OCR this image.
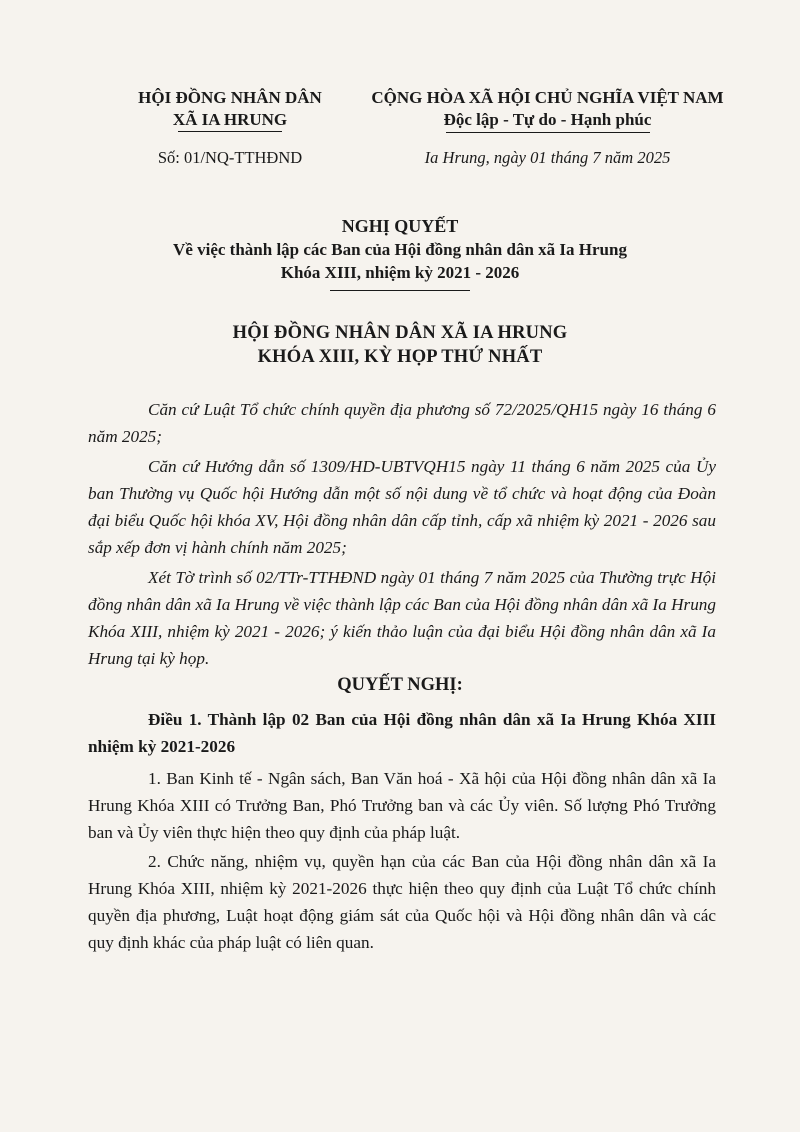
HỘI ĐỒNG NHÂN DÂN
XÃ IA HRUNG
Số: 01/NQ-TTHĐND
CỘNG HÒA XÃ HỘI CHỦ NGHĨA VIỆT NAM
Độc lập - Tự do - Hạnh phúc
Ia Hrung, ngày 01 tháng 7 năm 2025
NGHỊ QUYẾT
Về việc thành lập các Ban của Hội đồng nhân dân xã Ia Hrung
Khóa XIII, nhiệm kỳ 2021 - 2026
HỘI ĐỒNG NHÂN DÂN XÃ IA HRUNG
KHÓA XIII, KỲ HỌP THỨ NHẤT

Căn cứ Luật Tổ chức chính quyền địa phương số 72/2025/QH15 ngày 16 tháng 6 năm 2025;

Căn cứ Hướng dẫn số 1309/HD-UBTVQH15 ngày 11 tháng 6 năm 2025 của Ủy ban Thường vụ Quốc hội Hướng dẫn một số nội dung về tổ chức và hoạt động của Đoàn đại biểu Quốc hội khóa XV, Hội đồng nhân dân cấp tỉnh, cấp xã nhiệm kỳ 2021 - 2026 sau sắp xếp đơn vị hành chính năm 2025;

Xét Tờ trình số 02/TTr-TTHĐND ngày 01 tháng 7 năm 2025 của Thường trực Hội đồng nhân dân xã Ia Hrung về việc thành lập các Ban của Hội đồng nhân dân xã Ia Hrung Khóa XIII, nhiệm kỳ 2021 - 2026; ý kiến thảo luận của đại biểu Hội đồng nhân dân xã Ia Hrung tại kỳ họp.

QUYẾT NGHỊ:

Điều 1. Thành lập 02 Ban của Hội đồng nhân dân xã Ia Hrung Khóa XIII nhiệm kỳ 2021-2026

1. Ban Kinh tế - Ngân sách, Ban Văn hoá - Xã hội của Hội đồng nhân dân xã Ia Hrung Khóa XIII có Trưởng Ban, Phó Trưởng ban và các Ủy viên. Số lượng Phó Trưởng ban và Ủy viên thực hiện theo quy định của pháp luật.

2. Chức năng, nhiệm vụ, quyền hạn của các Ban của Hội đồng nhân dân xã Ia Hrung Khóa XIII, nhiệm kỳ 2021-2026 thực hiện theo quy định của Luật Tổ chức chính quyền địa phương, Luật hoạt động giám sát của Quốc hội và Hội đồng nhân dân và các quy định khác của pháp luật có liên quan.
